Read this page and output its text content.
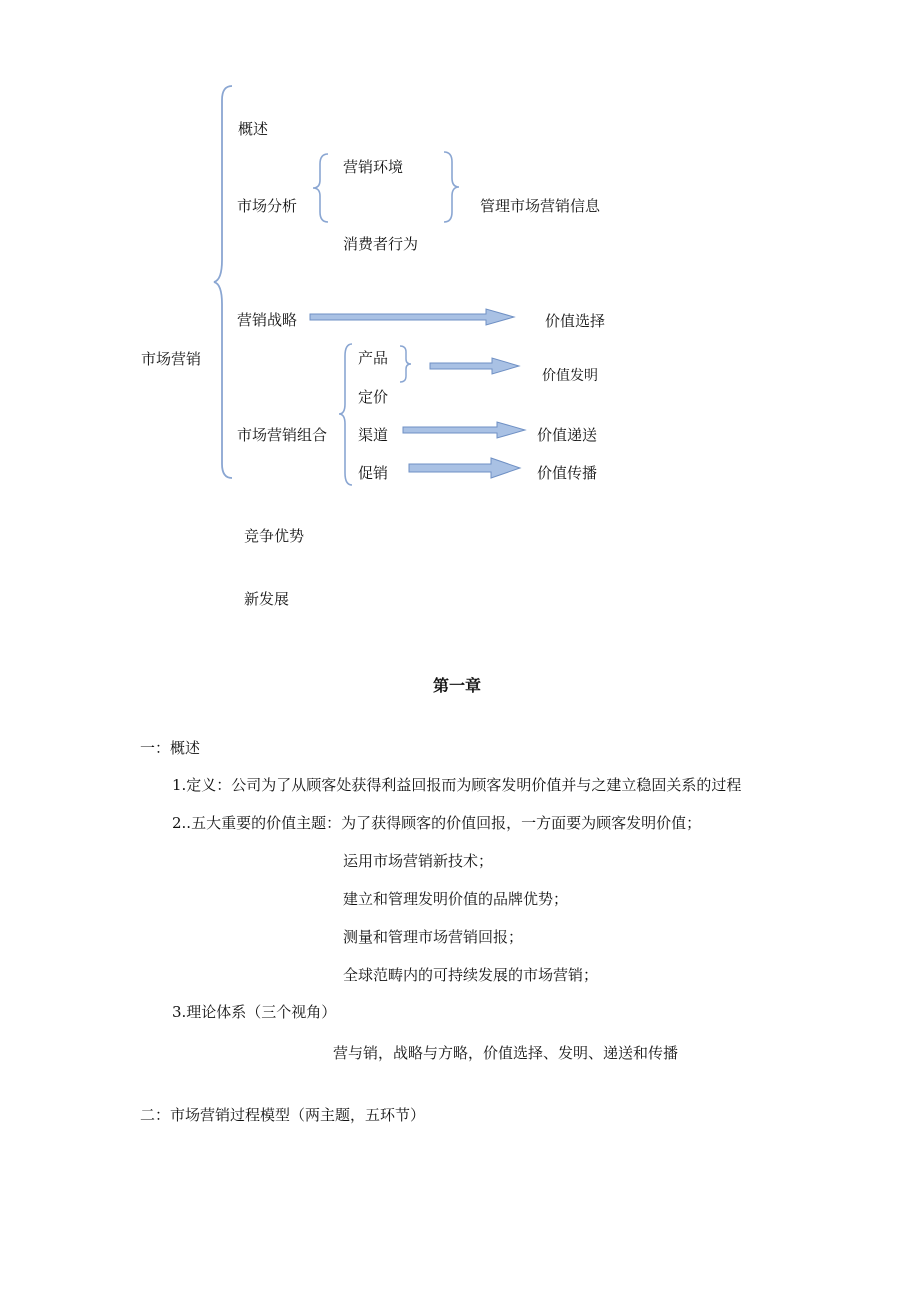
市场营销
概述
市场分析
营销环境
管理市场营销信息
消费者行为
营销战略	价值选择
产品
价值发明
定价
市场营销组合 渠道	价值递送
促销	价值传播
竞争优势
新发展
第一章
一：概述
1.定义：公司为了从顾客处获得利益回报而为顾客发明价值并与之建立稳固关系的过程
2..五大重要的价值主题：为了获得顾客的价值回报，一方面要为顾客发明价值；
运用市场营销新技术；
建立和管理发明价值的品牌优势；
测量和管理市场营销回报；
全球范畴内的可持续发展的市场营销；
3.理论体系（三个视角）
营与销，战略与方略，价值选择、发明、递送和传播
二：市场营销过程模型（两主题，五环节）
